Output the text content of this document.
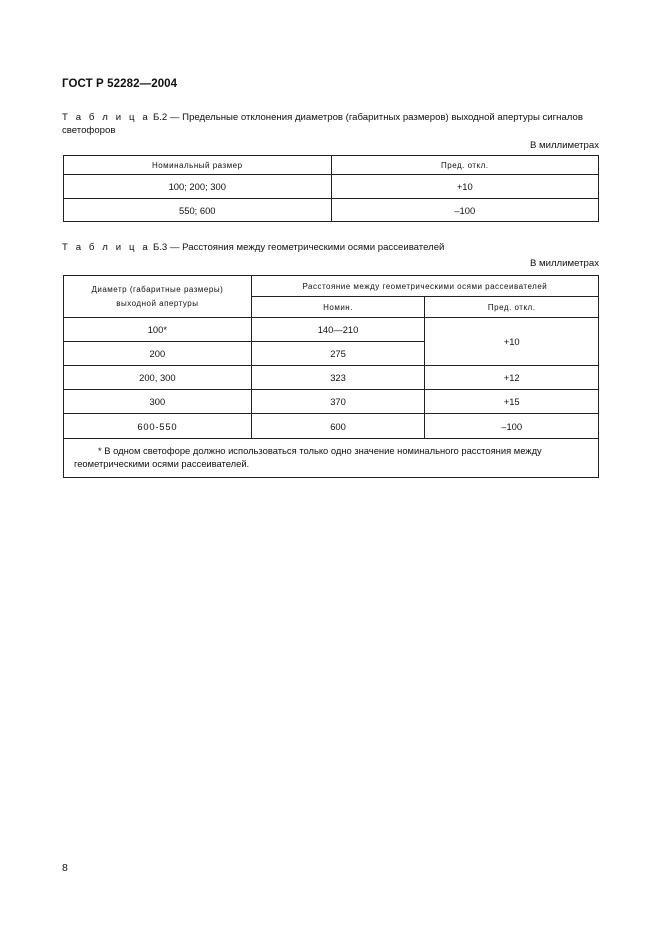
ГОСТ Р 52282—2004
Т а б л и ц а Б.2 — Предельные отклонения диаметров (габаритных размеров) выходной апертуры сигналов светофоров
В миллиметрах
Номинальный размер	Пред. откл.
100; 200; 300	+10
550; 600	–100
Т а б л и ц а Б.3 — Расстояния между геометрическими осями рассеивателей
В миллиметрах
Диаметр (габаритные размеры) выходной апертуры	Расстояние между геометрическими осями рассеивателей	
	Номин.	Пред. откл.
100*	140—210	+10
200	275	
200, 300	323	+12
300	370	+15
600-550	600	–100
* В одном светофоре должно использоваться только одно значение номинального расстояния между геометрическими осями рассеивателей.		
8
